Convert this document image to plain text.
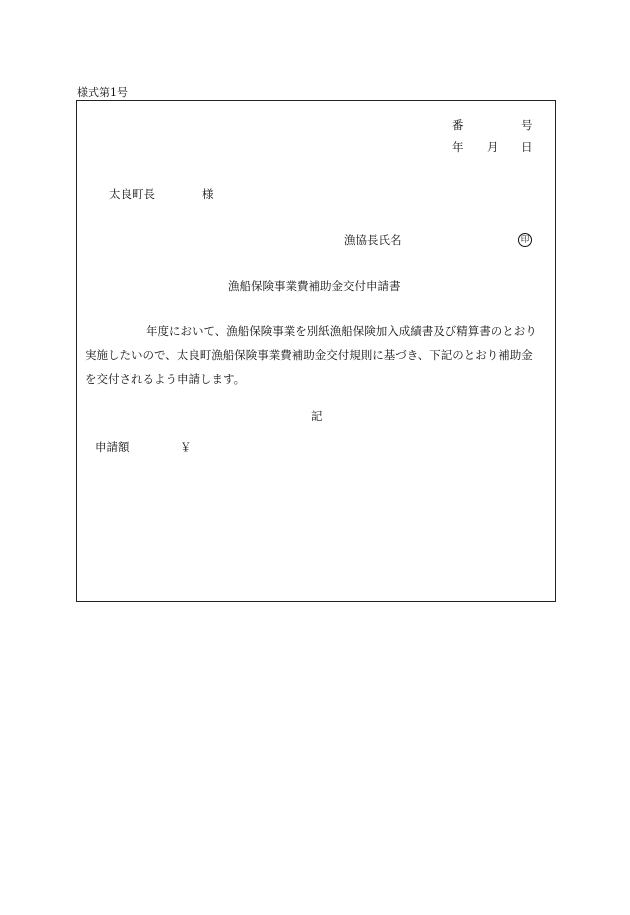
様式第1号
番	号
年 月 日
太良町長	様
漁協長氏名	印
漁船保険事業費補助金交付申請書
年度において、漁船保険事業を別紙漁船保険加入成績書及び精算書のとおり
実施したいので、太良町漁船保険事業費補助金交付規則に基づき、下記のとおり補助金
を交付されるよう申請します。
記
申請額	￥
